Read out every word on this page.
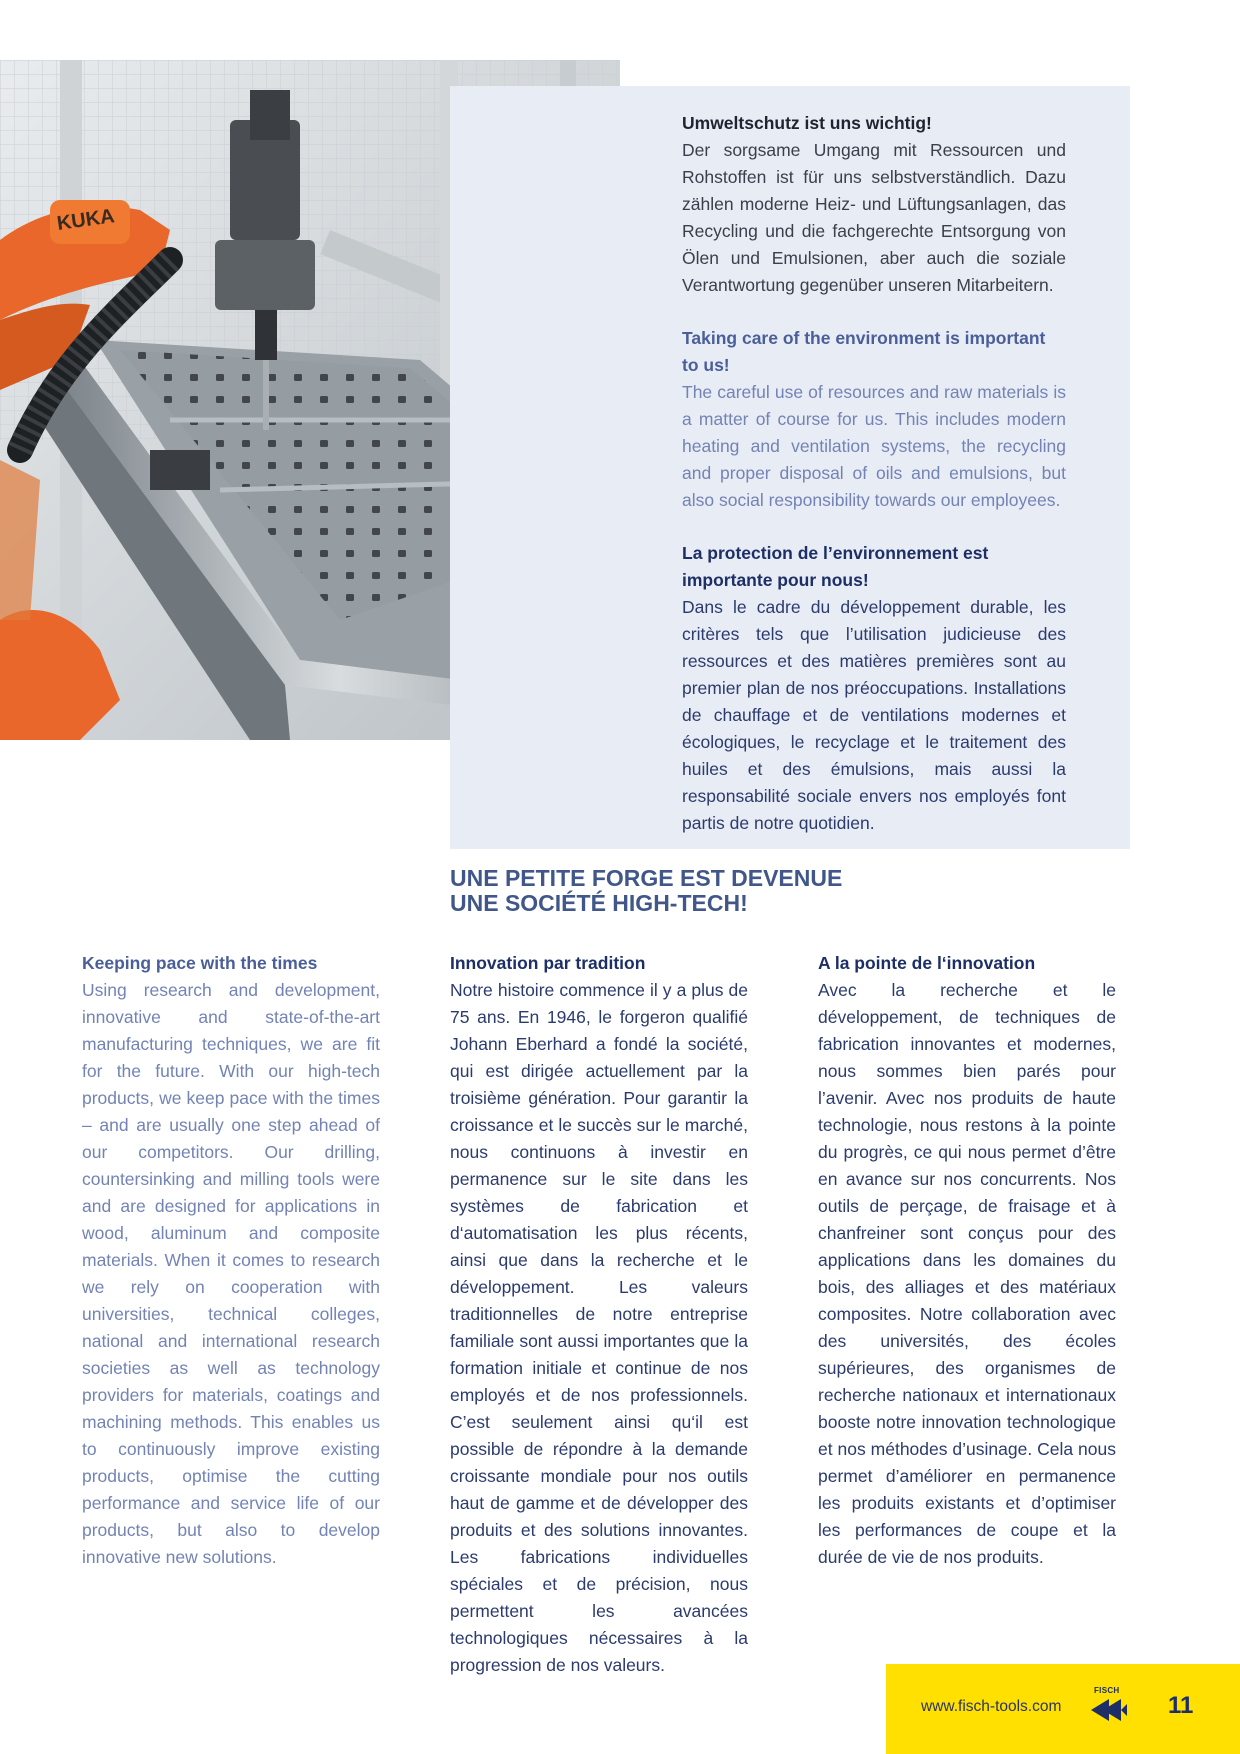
KUKA
Umweltschutz ist uns wichtig!

Der sorgsame Umgang mit Ressourcen und Rohstoffen ist für uns selbstverständlich. Dazu zählen moderne Heiz- und Lüftungsanlagen, das Recycling und die fachgerechte Entsorgung von Ölen und Emulsionen, aber auch die soziale Verantwortung gegenüber unseren Mitarbeitern.

Taking care of the environment is important to us!

The careful use of resources and raw materials is a matter of course for us. This includes modern heating and ventilation systems, the recycling and proper disposal of oils and emulsions, but also social responsibility towards our employees.

La protection de l’environnement est importante pour nous!

Dans le cadre du développement durable, les critères tels que l’utilisation judicieuse des ressources et des matières premières sont au premier plan de nos préoccupations. Installations de chauffage et de ventilations modernes et écologiques, le recyclage et le traitement des huiles et des émulsions, mais aussi la responsabilité sociale envers nos employés font partis de notre quotidien.

UNE PETITE FORGE EST DEVENUE
UNE SOCIÉTÉ HIGH-TECH!
Keeping pace with the times

Using research and development, innovative and state-of-the-art manufacturing techniques, we are fit for the future. With our high-tech products, we keep pace with the times – and are usually one step ahead of our competitors. Our drilling, countersinking and milling tools were and are designed for applications in wood, aluminum and composite materials. When it comes to research we rely on cooperation with universities, technical colleges, national and international research societies as well as technology providers for materials, coatings and machining methods. This enables us to continuously improve existing products, optimise the cutting performance and service life of our products, but also to develop innovative new solutions.

Innovation par tradition

Notre histoire commence il y a plus de 75 ans. En 1946, le forgeron qualifié Johann Eberhard a fondé la société, qui est dirigée actuellement par la troisième génération. Pour garantir la croissance et le succès sur le marché, nous continuons à investir en permanence sur le site dans les systèmes de fabrication et d‘automatisation les plus récents, ainsi que dans la recherche et le développement. Les valeurs traditionnelles de notre entreprise familiale sont aussi importantes que la formation initiale et continue de nos employés et de nos professionnels. C’est seulement ainsi qu‘il est possible de répondre à la demande croissante mondiale pour nos outils haut de gamme et de développer des produits et des solutions innovantes. Les fabrications individuelles spéciales et de précision, nous permettent les avancées technologiques nécessaires à la progression de nos valeurs.

A la pointe de l‘innovation

Avec la recherche et le développement, de techniques de fabrication innovantes et modernes, nous sommes bien parés pour l’avenir. Avec nos produits de haute technologie, nous restons à la pointe du progrès, ce qui nous permet d’être en avance sur nos concurrents. Nos outils de perçage, de fraisage et à chanfreiner sont conçus pour des applications dans les domaines du bois, des alliages et des matériaux composites. Notre collaboration avec des universités, des écoles supérieures, des organismes de recherche nationaux et internationaux booste notre innovation technologique et nos méthodes d’usinage. Cela nous permet d’améliorer en permanence les produits existants et d’optimiser les performances de coupe et la durée de vie de nos produits.

www.fisch-tools.com
FISCH
11
